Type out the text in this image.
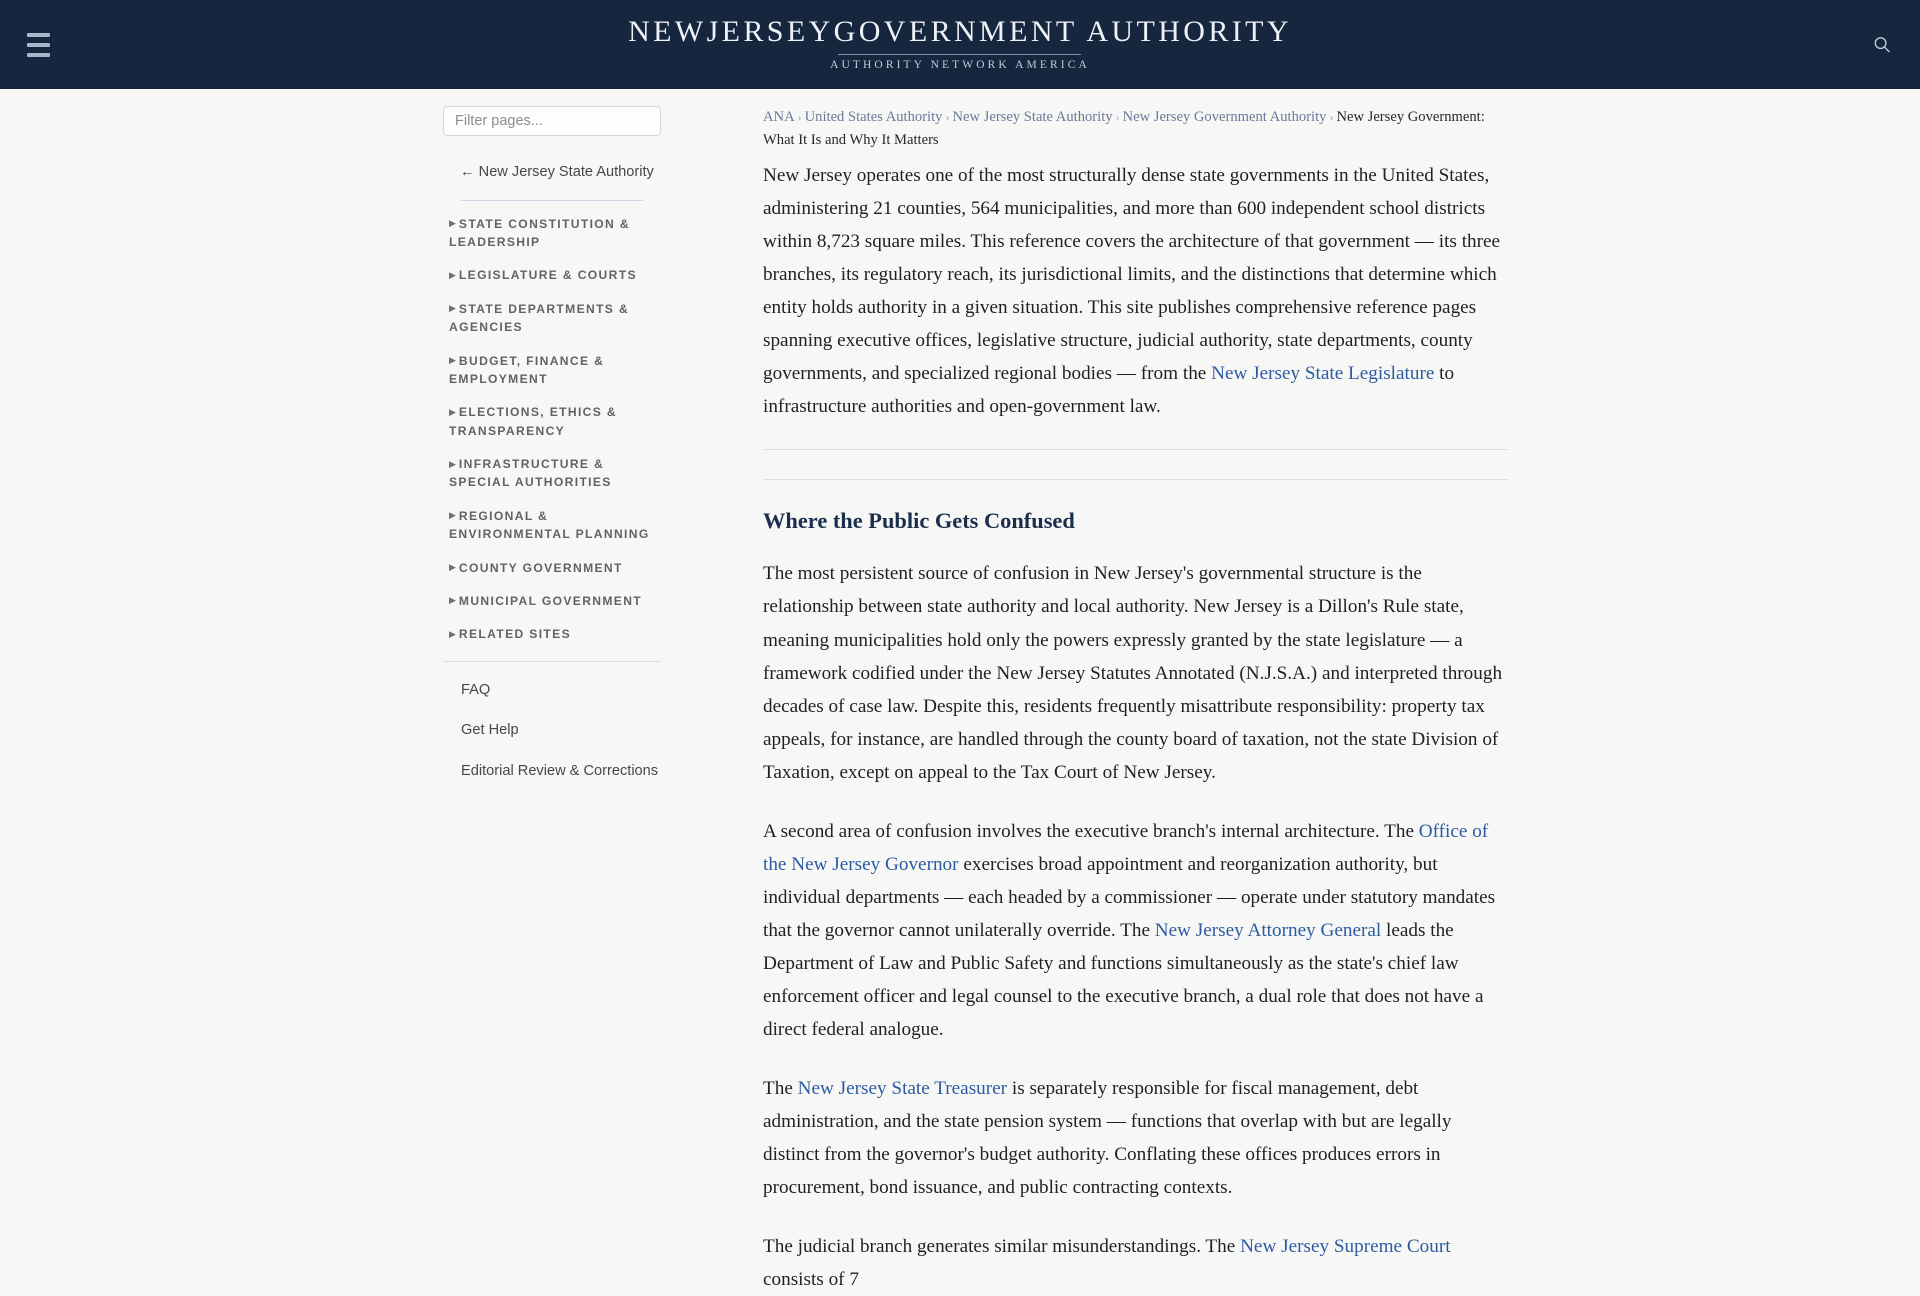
NEWJERSEYGOVERNMENT AUTHORITY
AUTHORITY NETWORK AMERICA
Filter pages...
← New Jersey State Authority
▶ STATE CONSTITUTION & LEADERSHIP
▶ LEGISLATURE & COURTS
▶ STATE DEPARTMENTS & AGENCIES
▶ BUDGET, FINANCE & EMPLOYMENT
▶ ELECTIONS, ETHICS & TRANSPARENCY
▶ INFRASTRUCTURE & SPECIAL AUTHORITIES
▶ REGIONAL & ENVIRONMENTAL PLANNING
▶ COUNTY GOVERNMENT
▶ MUNICIPAL GOVERNMENT
▶ RELATED SITES
FAQ
Get Help
Editorial Review & Corrections
ANA › United States Authority › New Jersey State Authority › New Jersey Government Authority › New Jersey Government: What It Is and Why It Matters

New Jersey operates one of the most structurally dense state governments in the United States, administering 21 counties, 564 municipalities, and more than 600 independent school districts within 8,723 square miles. This reference covers the architecture of that government — its three branches, its regulatory reach, its jurisdictional limits, and the distinctions that determine which entity holds authority in a given situation. This site publishes comprehensive reference pages spanning executive offices, legislative structure, judicial authority, state departments, county governments, and specialized regional bodies — from the New Jersey State Legislature to infrastructure authorities and open-government law.

Where the Public Gets Confused

The most persistent source of confusion in New Jersey's governmental structure is the relationship between state authority and local authority. New Jersey is a Dillon's Rule state, meaning municipalities hold only the powers expressly granted by the state legislature — a framework codified under the New Jersey Statutes Annotated (N.J.S.A.) and interpreted through decades of case law. Despite this, residents frequently misattribute responsibility: property tax appeals, for instance, are handled through the county board of taxation, not the state Division of Taxation, except on appeal to the Tax Court of New Jersey.

A second area of confusion involves the executive branch's internal architecture. The Office of the New Jersey Governor exercises broad appointment and reorganization authority, but individual departments — each headed by a commissioner — operate under statutory mandates that the governor cannot unilaterally override. The New Jersey Attorney General leads the Department of Law and Public Safety and functions simultaneously as the state's chief law enforcement officer and legal counsel to the executive branch, a dual role that does not have a direct federal analogue.

The New Jersey State Treasurer is separately responsible for fiscal management, debt administration, and the state pension system — functions that overlap with but are legally distinct from the governor's budget authority. Conflating these offices produces errors in procurement, bond issuance, and public contracting contexts.

The judicial branch generates similar misunderstandings. The New Jersey Supreme Court consists of 7
